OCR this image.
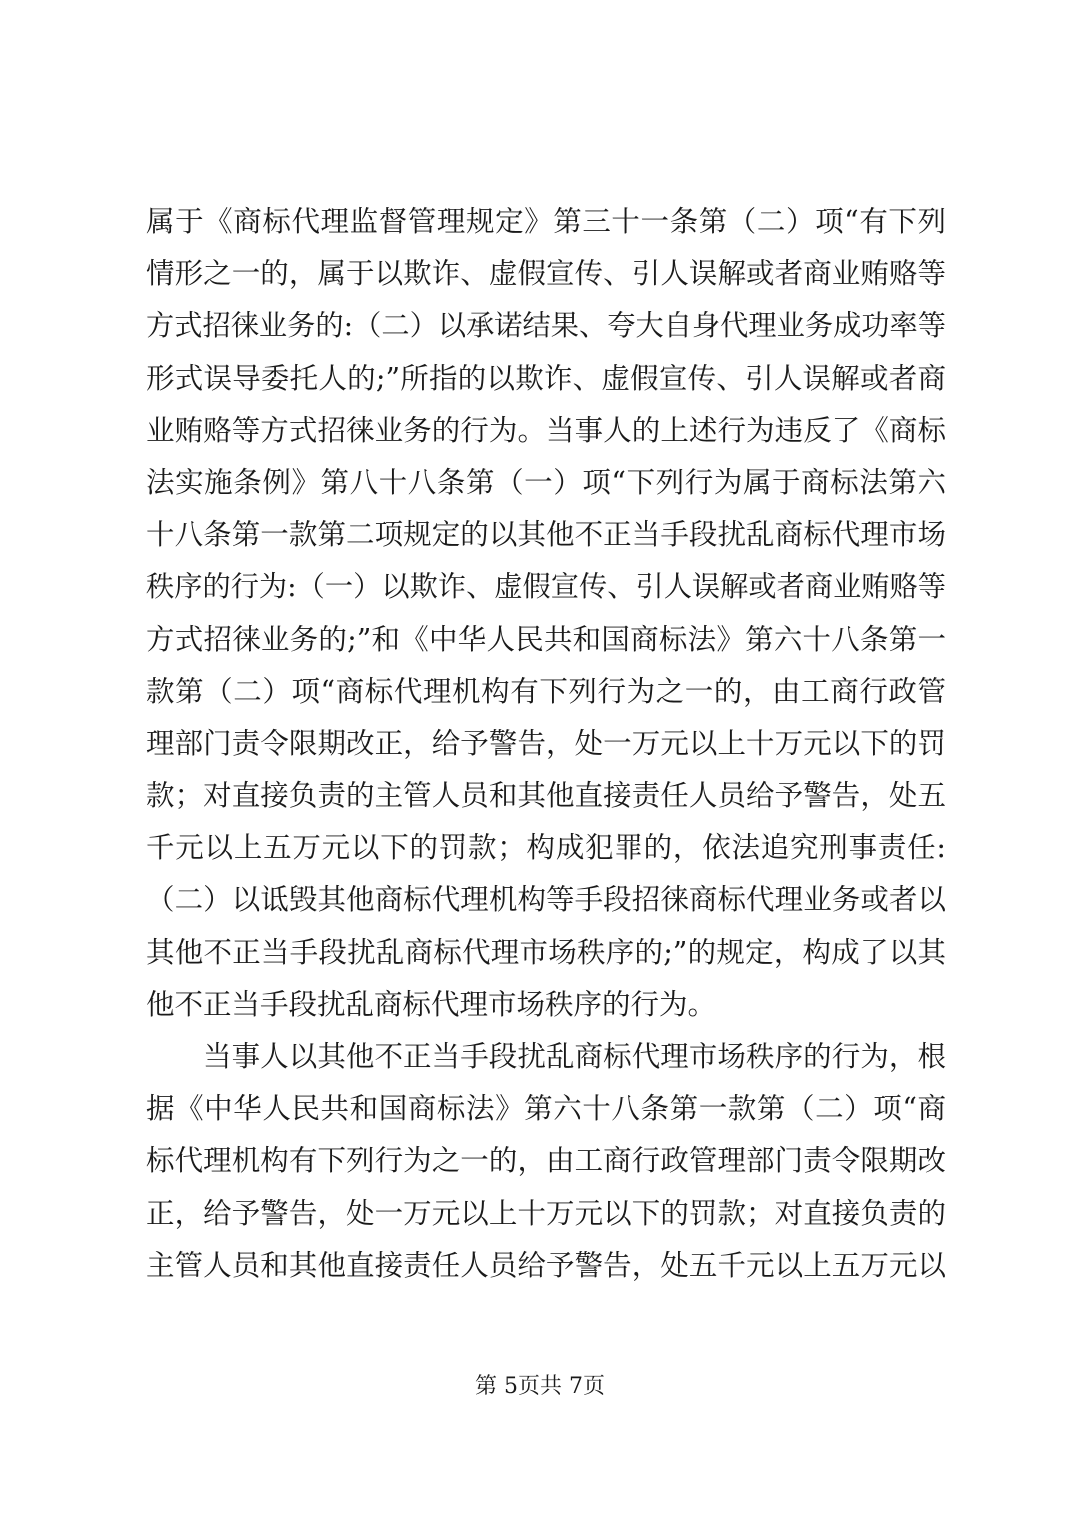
属于《商标代理监督管理规定》第三十一条第（二）项“有下列
情形之一的，属于以欺诈、虚假宣传、引人误解或者商业贿赂等
方式招徕业务的:（二）以承诺结果、夸大自身代理业务成功率等
形式误导委托人的;”所指的以欺诈、虚假宣传、引人误解或者商
业贿赂等方式招徕业务的行为。当事人的上述行为违反了《商标
法实施条例》第八十八条第（一）项“下列行为属于商标法第六
十八条第一款第二项规定的以其他不正当手段扰乱商标代理市场
秩序的行为:（一）以欺诈、虚假宣传、引人误解或者商业贿赂等
方式招徕业务的;”和《中华人民共和国商标法》第六十八条第一
款第（二）项“商标代理机构有下列行为之一的，由工商行政管
理部门责令限期改正，给予警告，处一万元以上十万元以下的罚
款；对直接负责的主管人员和其他直接责任人员给予警告，处五
千元以上五万元以下的罚款；构成犯罪的，依法追究刑事责任:
（二）以诋毁其他商标代理机构等手段招徕商标代理业务或者以
其他不正当手段扰乱商标代理市场秩序的;”的规定，构成了以其
他不正当手段扰乱商标代理市场秩序的行为。
当事人以其他不正当手段扰乱商标代理市场秩序的行为，根
据《中华人民共和国商标法》第六十八条第一款第（二）项“商
标代理机构有下列行为之一的，由工商行政管理部门责令限期改
正，给予警告，处一万元以上十万元以下的罚款；对直接负责的
主管人员和其他直接责任人员给予警告，处五千元以上五万元以
第 5页共 7页
